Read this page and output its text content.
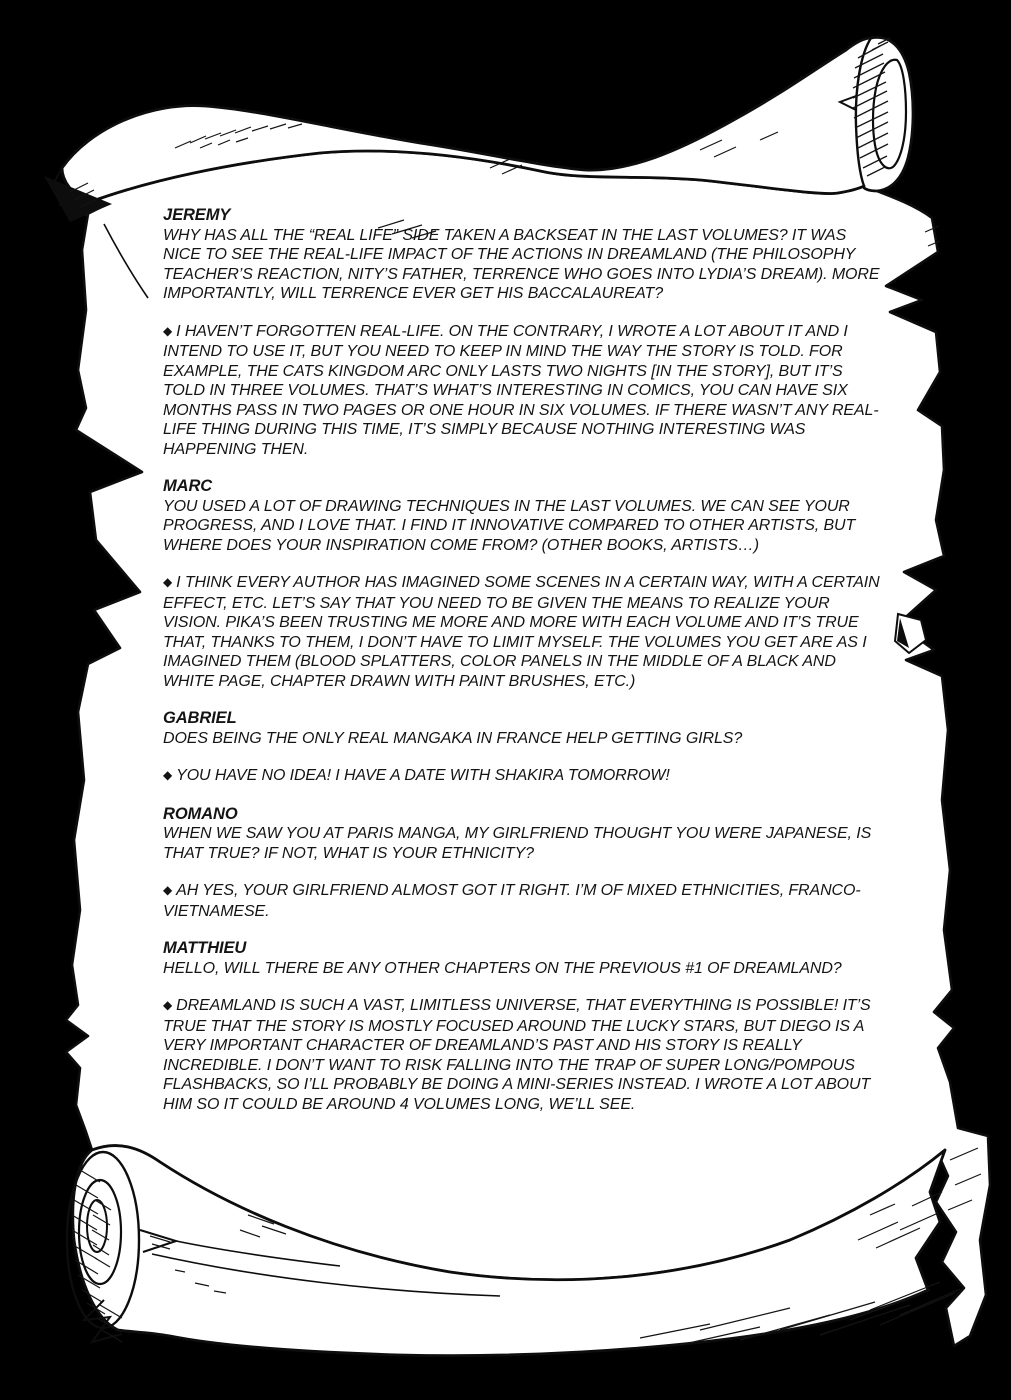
JEREMY

WHY HAS ALL THE “REAL LIFE” SIDE TAKEN A BACKSEAT IN THE LAST VOLUMES? IT WAS NICE TO SEE THE REAL-LIFE IMPACT OF THE ACTIONS IN DREAMLAND (THE PHILOSOPHY TEACHER’S REACTION, NITY’S FATHER, TERRENCE WHO GOES INTO LYDIA’S DREAM). MORE IMPORTANTLY, WILL TERRENCE EVER GET HIS BACCALAUREAT?

◆ I HAVEN’T FORGOTTEN REAL-LIFE. ON THE CONTRARY, I WROTE A LOT ABOUT IT AND I INTEND TO USE IT, BUT YOU NEED TO KEEP IN MIND THE WAY THE STORY IS TOLD. FOR EXAMPLE, THE CATS KINGDOM ARC ONLY LASTS TWO NIGHTS [IN THE STORY], BUT IT’S TOLD IN THREE VOLUMES. THAT’S WHAT’S INTERESTING IN COMICS, YOU CAN HAVE SIX MONTHS PASS IN TWO PAGES OR ONE HOUR IN SIX VOLUMES. IF THERE WASN’T ANY REAL-LIFE THING DURING THIS TIME, IT’S SIMPLY BECAUSE NOTHING INTERESTING WAS HAPPENING THEN.

MARC

YOU USED A LOT OF DRAWING TECHNIQUES IN THE LAST VOLUMES. WE CAN SEE YOUR PROGRESS, AND I LOVE THAT. I FIND IT INNOVATIVE COMPARED TO OTHER ARTISTS, BUT WHERE DOES YOUR INSPIRATION COME FROM? (OTHER BOOKS, ARTISTS…)

◆ I THINK EVERY AUTHOR HAS IMAGINED SOME SCENES IN A CERTAIN WAY, WITH A CERTAIN EFFECT, ETC. LET’S SAY THAT YOU NEED TO BE GIVEN THE MEANS TO REALIZE YOUR VISION. PIKA’S BEEN TRUSTING ME MORE AND MORE WITH EACH VOLUME AND IT’S TRUE THAT, THANKS TO THEM, I DON’T HAVE TO LIMIT MYSELF. THE VOLUMES YOU GET ARE AS I IMAGINED THEM (BLOOD SPLATTERS, COLOR PANELS IN THE MIDDLE OF A BLACK AND WHITE PAGE, CHAPTER DRAWN WITH PAINT BRUSHES, ETC.)

GABRIEL

DOES BEING THE ONLY REAL MANGAKA IN FRANCE HELP GETTING GIRLS?

◆ YOU HAVE NO IDEA! I HAVE A DATE WITH SHAKIRA TOMORROW!

ROMANO

WHEN WE SAW YOU AT PARIS MANGA, MY GIRLFRIEND THOUGHT YOU WERE JAPANESE, IS THAT TRUE? IF NOT, WHAT IS YOUR ETHNICITY?

◆ AH YES, YOUR GIRLFRIEND ALMOST GOT IT RIGHT. I’M OF MIXED ETHNICITIES, FRANCO-VIETNAMESE.

MATTHIEU

HELLO, WILL THERE BE ANY OTHER CHAPTERS ON THE PREVIOUS #1 OF DREAMLAND?

◆ DREAMLAND IS SUCH A VAST, LIMITLESS UNIVERSE, THAT EVERYTHING IS POSSIBLE! IT’S TRUE THAT THE STORY IS MOSTLY FOCUSED AROUND THE LUCKY STARS, BUT DIEGO IS A VERY IMPORTANT CHARACTER OF DREAMLAND’S PAST AND HIS STORY IS REALLY INCREDIBLE. I DON’T WANT TO RISK FALLING INTO THE TRAP OF SUPER LONG/POMPOUS FLASHBACKS, SO I’LL PROBABLY BE DOING A MINI-SERIES INSTEAD. I WROTE A LOT ABOUT HIM SO IT COULD BE AROUND 4 VOLUMES LONG, WE’LL SEE.
